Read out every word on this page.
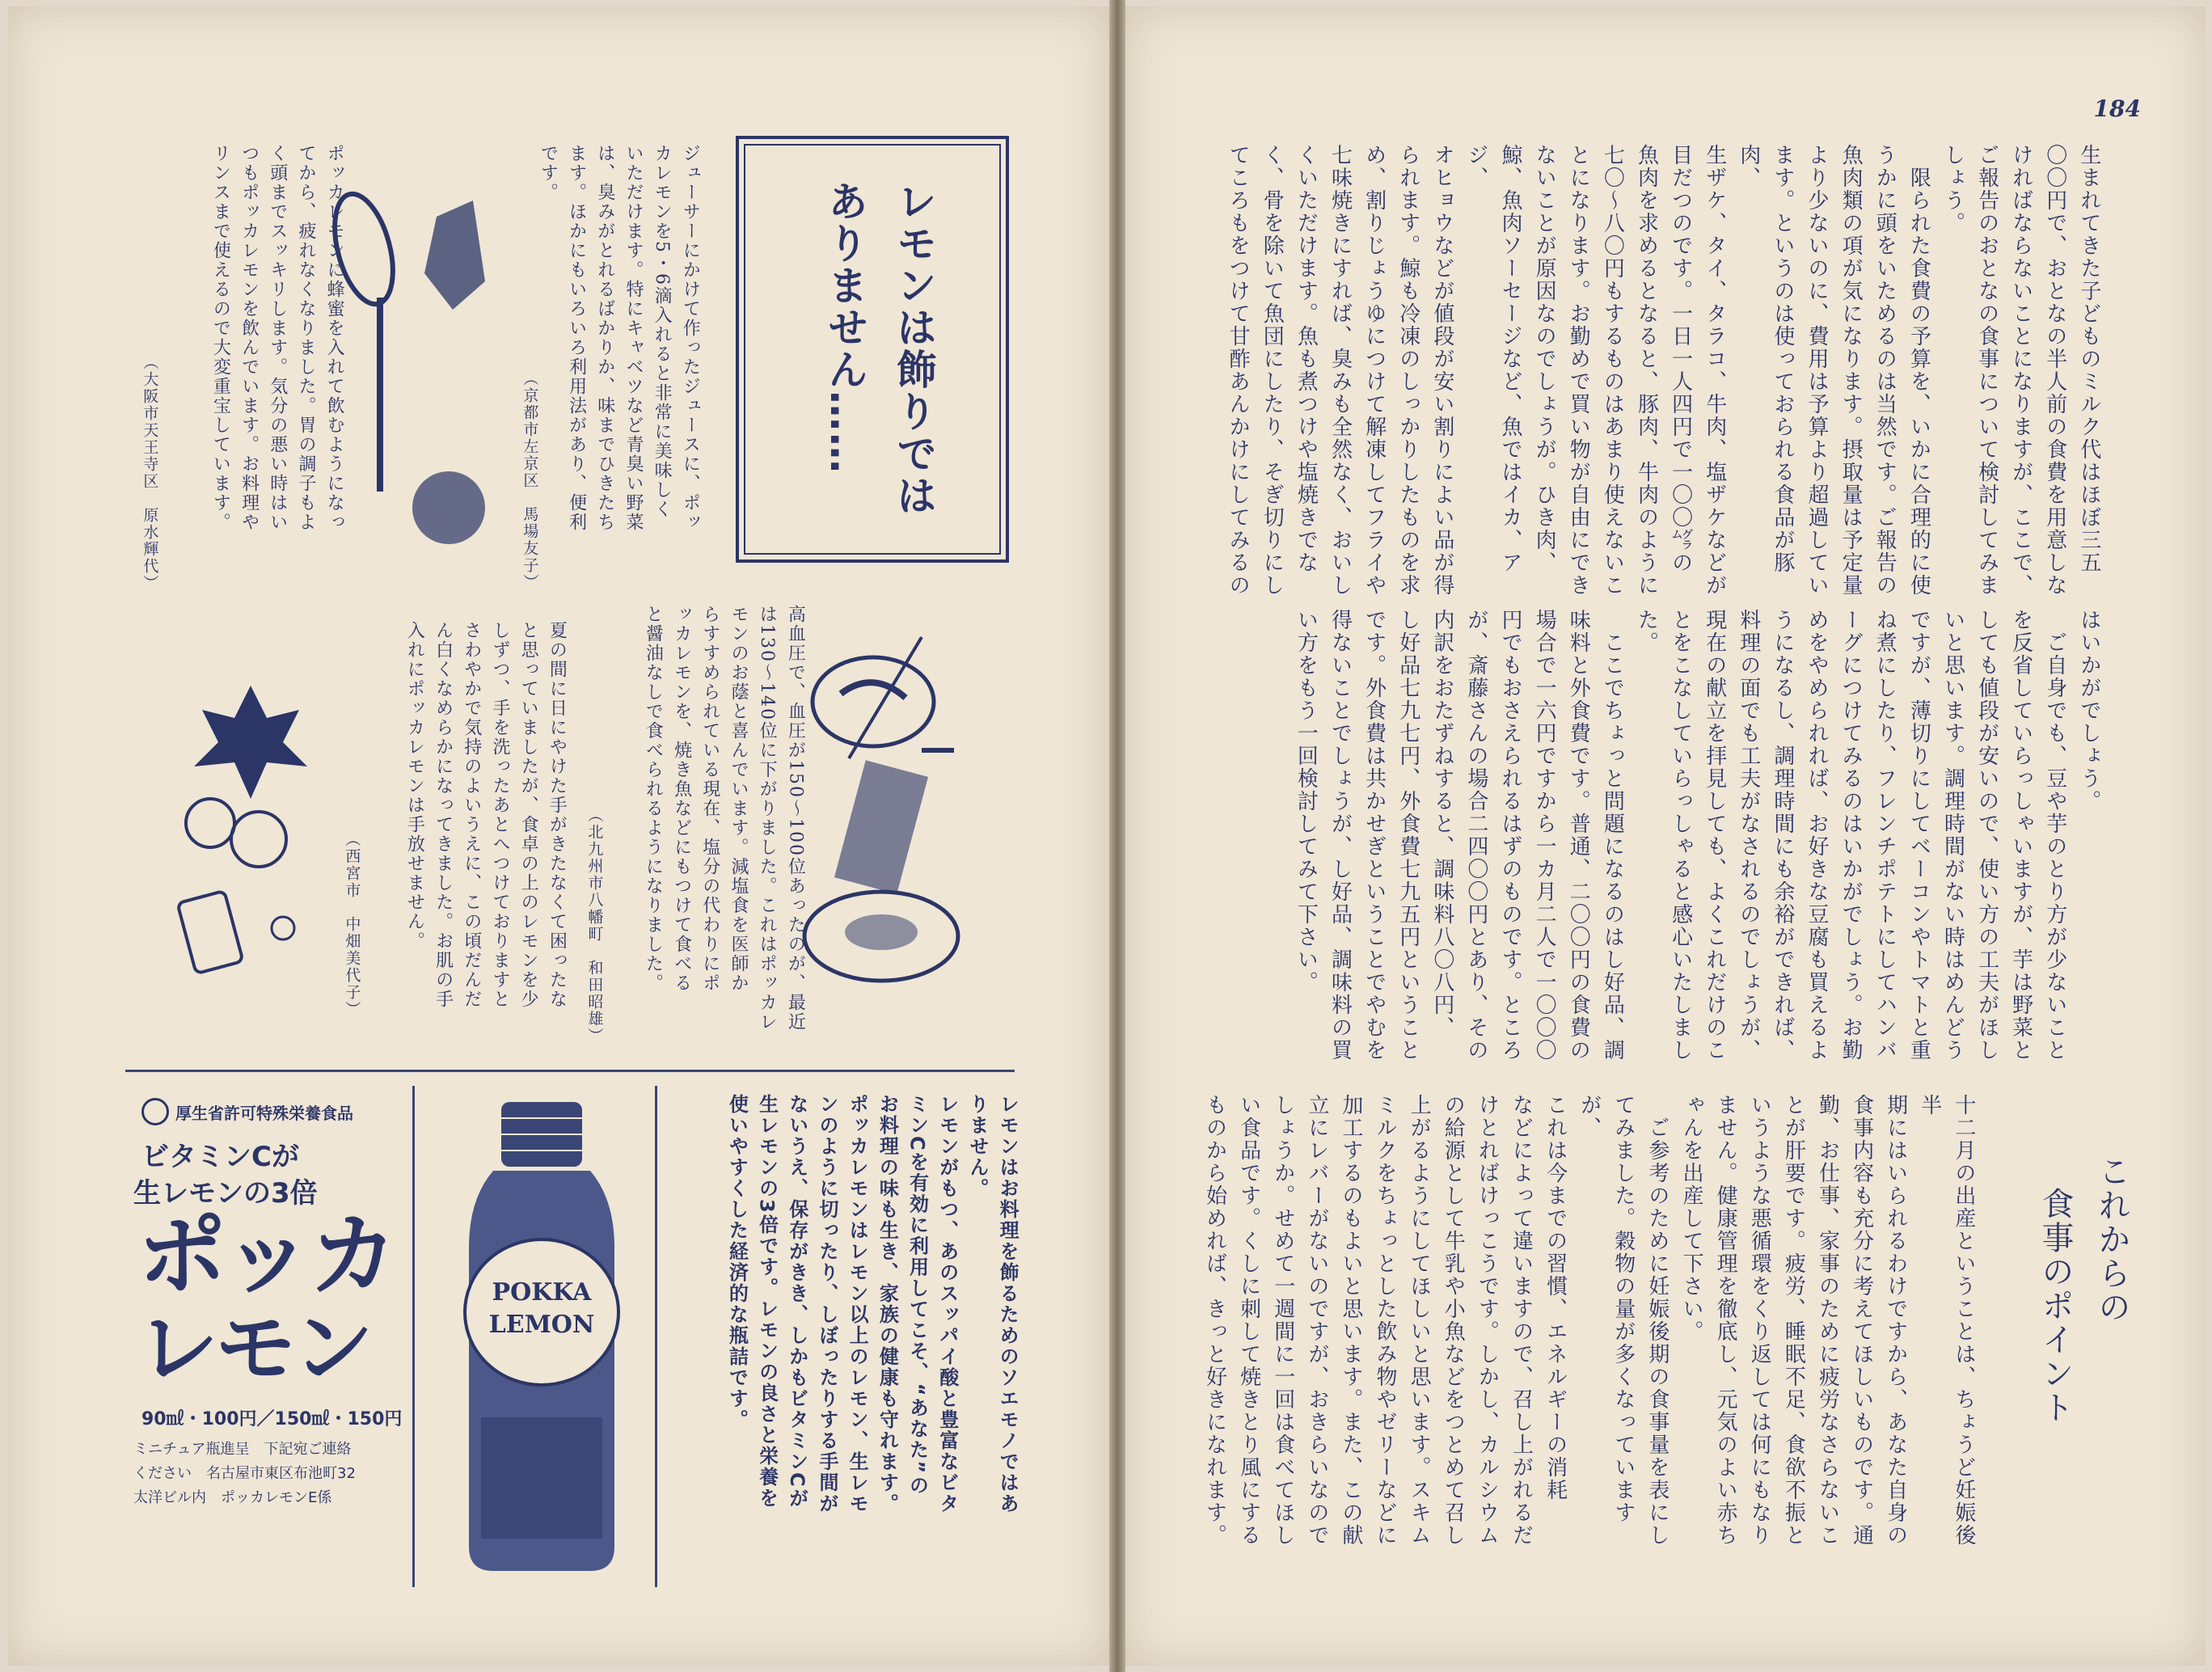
ポッカレモンに蜂蜜を入れて飲むようになっ
てから、疲れなくなりました。胃の調子もよ
く頭までスッキリします。気分の悪い時はい
つもポッカレモンを飲んでいます。お料理や
リンスまで使えるので大変重宝しています。

（大阪市天王寺区　原水輝代）	ジューサーにかけて作ったジュースに、ポッ
カレモンを5・6滴入れると非常に美味しく
いただけます。特にキャベツなど青臭い野菜
は、臭みがとれるばかりか、味までひきたち
ます。ほかにもいろいろ利用法があり、便利
です。

（京都市左京区　馬場友子）	レモンは飾りでは
ありません……

夏の間に日にやけた手がきたなくて困ったな
と思っていましたが、食卓の上のレモンを少
しずつ、手を洗ったあとへつけておりますと
さわやかで気持のよいうえに、この頃だんだ
ん白くなめらかになってきました。お肌の手
入れにポッカレモンは手放せません。

（西宮市　中畑美代子）	（北九州市八幡町　和田昭雄）	高血圧で、血圧が150〜100位あったのが、最近
は130〜140位に下がりました。これはポッカレ
モンのお蔭と喜んでいます。減塩食を医師か
らすすめられている現在、塩分の代わりにポ
ッカレモンを、焼き魚などにもつけて食べる
と醤油なしで食べられるようになりました。

レモンはお料理を飾るためのソエモノではあ
りません。
レモンがもつ、あのスッパイ酸と豊富なビタ
ミンCを有効に利用してこそ、“あなた”の
お料理の味も生き、家族の健康も守れます。
ポッカレモンはレモン以上のレモン、生レモ
ンのように切ったり、しぼったりする手間が
ないうえ、保存がきき、しかもビタミンCが
生レモンの3倍です。レモンの良さと栄養を
使いやすくした経済的な瓶詰です。

POKKA
LEMON
厚生省許可特殊栄養食品
ビタミンCが
生レモンの3倍
ポッカ
レモン
90㎖・100円／150㎖・150円
ミニチュア瓶進呈　下記宛ご連絡
ください　名古屋市東区布池町32
太洋ビル内　ポッカレモンE係
184

生まれてきた子どものミルク代はほぼ三五
〇〇円で、おとなの半人前の食費を用意しな
ければならないことになりますが、ここで、
ご報告のおとなの食事について検討してみま
しょう。
　限られた食費の予算を、いかに合理的に使
うかに頭をいためるのは当然です。ご報告の
魚肉類の項が気になります。摂取量は予定量
より少ないのに、費用は予算より超過してい
ます。というのは使っておられる食品が豚肉、
生ザケ、タイ、タラコ、牛肉、塩ザケなどが
目だつのです。一日一人四円で一〇〇㌘の
魚肉を求めるとなると、豚肉、牛肉のように
七〇〜八〇円もするものはあまり使えないこ
とになります。お勤めで買い物が自由にでき
ないことが原因なのでしょうが。ひき肉、
鯨、魚肉ソーセージなど、魚ではイカ、アジ、
オヒョウなどが値段が安い割りによい品が得
られます。鯨も冷凍のしっかりしたものを求
め、割りじょうゆにつけて解凍してフライや
七味焼きにすれば、臭みも全然なく、おいし
くいただけます。魚も煮つけや塩焼きでな
く、骨を除いて魚団にしたり、そぎ切りにし
てころもをつけて甘酢あんかけにしてみるの

はいかがでしょう。
　ご自身でも、豆や芋のとり方が少ないこと
を反省していらっしゃいますが、芋は野菜と
しても値段が安いので、使い方の工夫がほし
いと思います。調理時間がない時はめんどう
ですが、薄切りにしてベーコンやトマトと重
ね煮にしたり、フレンチポテトにしてハンバ
ーグにつけてみるのはいかがでしょう。お勤
めをやめられれば、お好きな豆腐も買えるよ
うになるし、調理時間にも余裕ができれば、
料理の面でも工夫がなされるのでしょうが、
現在の献立を拝見しても、よくこれだけのこ
とをこなしていらっしゃると感心いたしまし
た。
　ここでちょっと問題になるのはし好品、調
味料と外食費です。普通、二〇〇円の食費の
場合で一六円ですから一カ月二人で一〇〇〇
円でもおさえられるはずのものです。ところ
が、斎藤さんの場合二四〇〇円とあり、その
内訳をおたずねすると、調味料八〇八円、
し好品七九七円、外食費七九五円ということ
です。外食費は共かせぎということでやむを
得ないことでしょうが、し好品、調味料の買
い方をもう一回検討してみて下さい。

これからの
食事のポイント

十二月の出産ということは、ちょうど妊娠後半
期にはいられるわけですから、あなた自身の
食事内容も充分に考えてほしいものです。通
勤、お仕事、家事のために疲労なさらないこ
とが肝要です。疲労、睡眠不足、食欲不振と
いうような悪循環をくり返しては何にもなり
ません。健康管理を徹底し、元気のよい赤ち
ゃんを出産して下さい。
　ご参考のために妊娠後期の食事量を表にし
てみました。穀物の量が多くなっていますが、
これは今までの習慣、エネルギーの消耗
などによって違いますので、召し上がれるだ
けとればけっこうです。しかし、カルシウム
の給源として牛乳や小魚などをつとめて召し
上がるようにしてほしいと思います。スキム
ミルクをちょっとした飲み物やゼリーなどに
加工するのもよいと思います。また、この献
立にレバーがないのですが、おきらいなので
しょうか。せめて一週間に一回は食べてほし
い食品です。くしに刺して焼きとり風にする
ものから始めれば、きっと好きになれます。
